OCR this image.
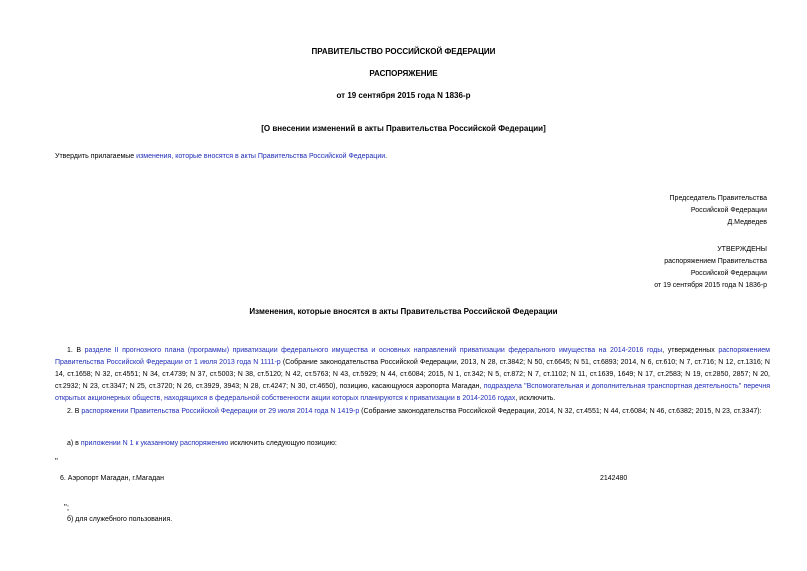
ПРАВИТЕЛЬСТВО РОССИЙСКОЙ ФЕДЕРАЦИИ
РАСПОРЯЖЕНИЕ
от 19 сентября 2015 года N 1836-р
[О внесении изменений в акты Правительства Российской Федерации]
Утвердить прилагаемые изменения, которые вносятся в акты Правительства Российской Федерации.
Председатель Правительства
Российской Федерации
Д.Медведев
УТВЕРЖДЕНЫ
распоряжением Правительства
Российской Федерации
от 19 сентября 2015 года N 1836-р
Изменения, которые вносятся в акты Правительства Российской Федерации
1. В разделе II прогнозного плана (программы) приватизации федерального имущества и основных направлений приватизации федерального имущества на 2014-2016 годы, утвержденных распоряжением Правительства Российской Федерации от 1 июля 2013 года N 1111-р (Собрание законодательства Российской Федерации, 2013, N 28, ст.3842; N 50, ст.6645; N 51, ст.6893; 2014, N 6, ст.610; N 7, ст.716; N 12, ст.1316; N 14, ст.1658; N 32, ст.4551; N 34, ст.4739; N 37, ст.5003; N 38, ст.5120; N 42, ст.5763; N 43, ст.5929; N 44, ст.6084; 2015, N 1, ст.342; N 5, ст.872; N 7, ст.1102; N 11, ст.1639, 1649; N 17, ст.2583; N 19, ст.2850, 2857; N 20, ст.2932; N 23, ст.3347; N 25, ст.3720; N 26, ст.3929, 3943; N 28, ст.4247; N 30, ст.4650), позицию, касающуюся аэропорта Магадан, подраздела "Вспомогательная и дополнительная транспортная деятельность" перечня открытых акционерных обществ, находящихся в федеральной собственности акции которых планируются к приватизации в 2014-2016 годах, исключить.
2. В распоряжении Правительства Российской Федерации от 29 июля 2014 года N 1419-р (Собрание законодательства Российской Федерации, 2014, N 32, ст.4551; N 44, ст.6084; N 46, ст.6382; 2015, N 23, ст.3347):
а) в приложении N 1 к указанному распоряжению исключить следующую позицию:
"
6. Аэропорт Магадан, г.Магадан	2142480
";
б) для служебного пользования.
